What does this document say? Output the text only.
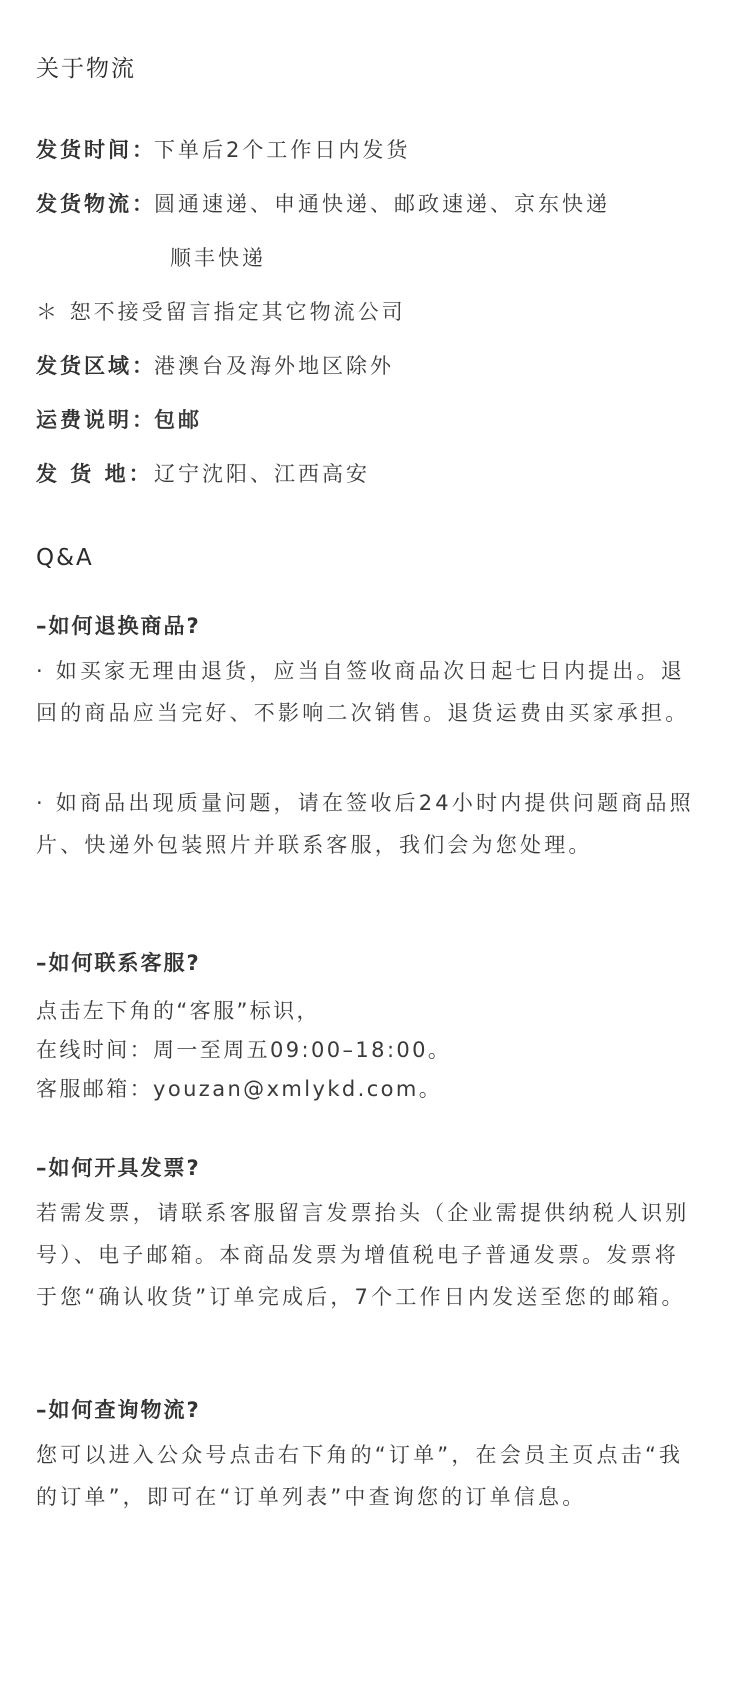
关于物流
发货时间：下单后2个工作日内发货
发货物流：圆通速递、申通快递、邮政速递、京东快递
顺丰快递
＊ 恕不接受留言指定其它物流公司
发货区域：港澳台及海外地区除外
运费说明：包邮
发 货 地：辽宁沈阳、江西高安
Q&A
–如何退换商品?
· 如买家无理由退货，应当自签收商品次日起七日内提出。退回的商品应当完好、不影响二次销售。退货运费由买家承担。
· 如商品出现质量问题，请在签收后24小时内提供问题商品照片、快递外包装照片并联系客服，我们会为您处理。
–如何联系客服?
点击左下角的“客服”标识，
在线时间：周一至周五09:00–18:00。
客服邮箱：youzan@xmlykd.com。
–如何开具发票?
若需发票，请联系客服留言发票抬头（企业需提供纳税人识别号）、电子邮箱。本商品发票为增值税电子普通发票。发票将于您“确认收货”订单完成后，7个工作日内发送至您的邮箱。
–如何查询物流?
您可以进入公众号点击右下角的“订单”，在会员主页点击“我的订单”，即可在“订单列表”中查询您的订单信息。
